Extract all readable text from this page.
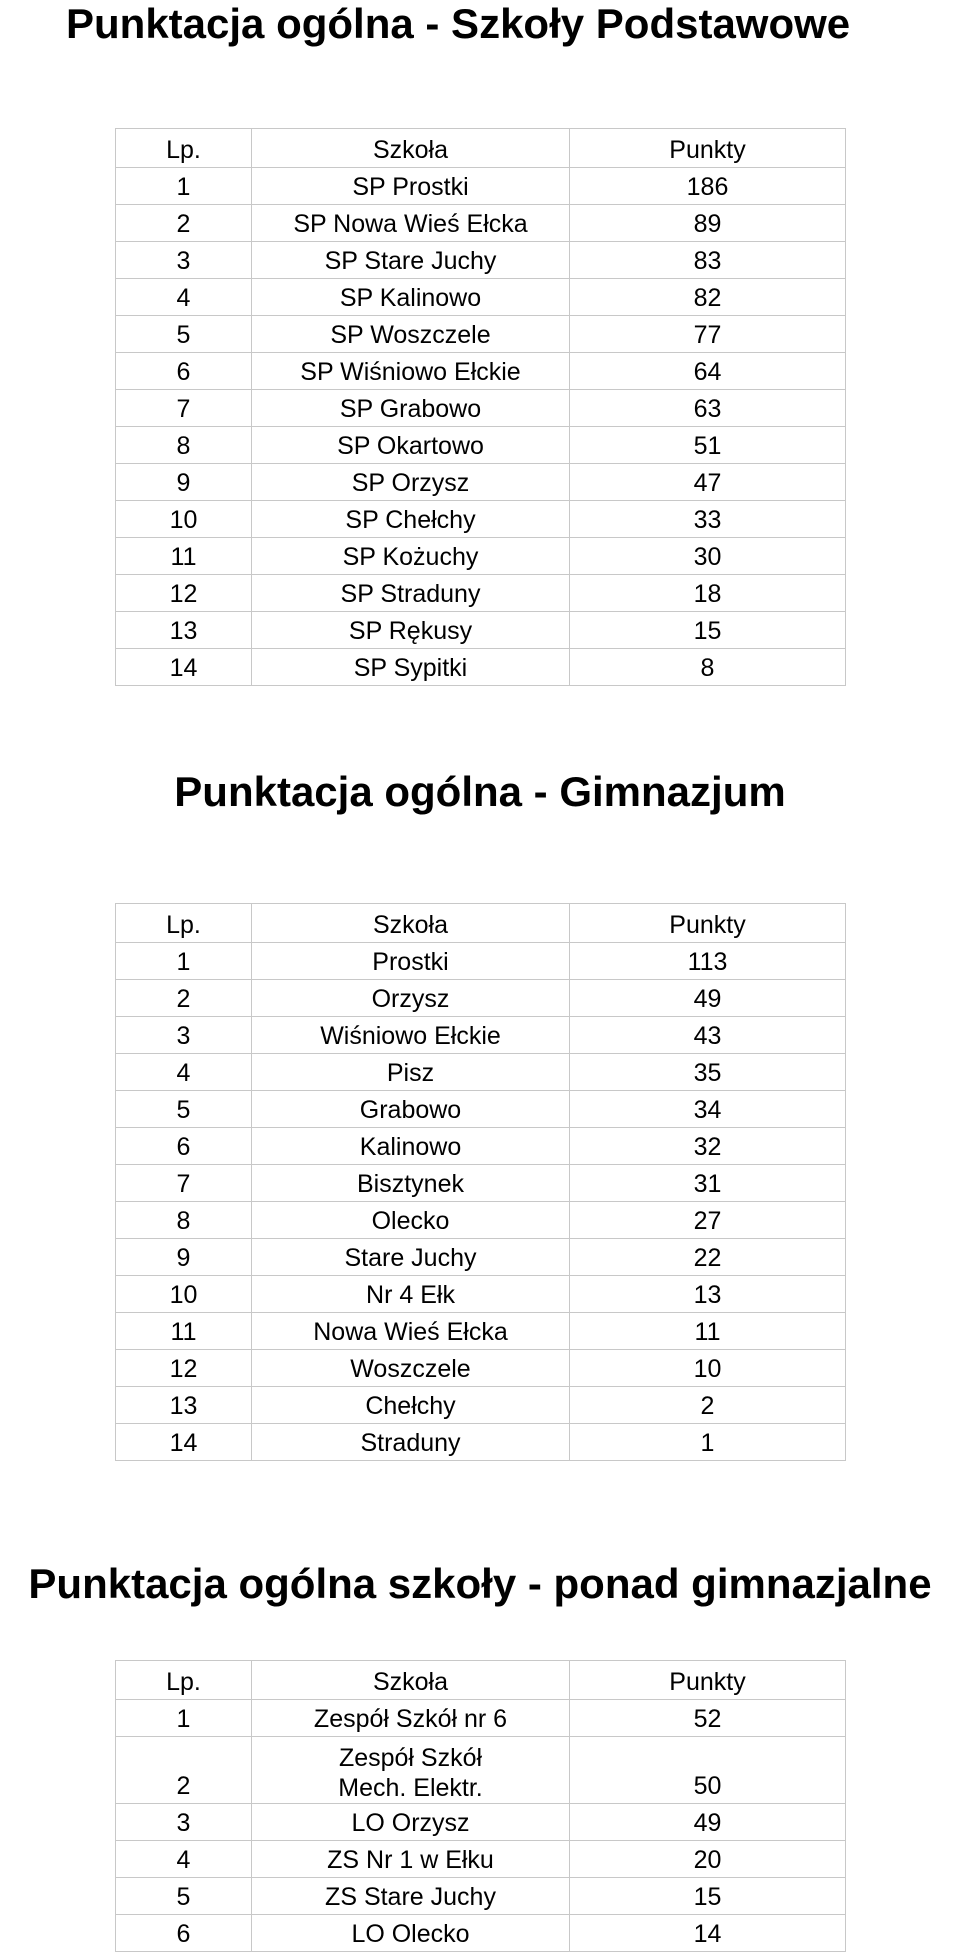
Punktacja ogólna - Szkoły Podstawowe
Lp.	Szkoła	Punkty
1	SP Prostki	186
2	SP Nowa Wieś Ełcka	89
3	SP Stare Juchy	83
4	SP Kalinowo	82
5	SP Woszczele	77
6	SP Wiśniowo Ełckie	64
7	SP Grabowo	63
8	SP Okartowo	51
9	SP Orzysz	47
10	SP Chełchy	33
11	SP Kożuchy	30
12	SP Straduny	18
13	SP Rękusy	15
14	SP Sypitki	8
Punktacja ogólna - Gimnazjum
Lp.	Szkoła	Punkty
1	Prostki	113
2	Orzysz	49
3	Wiśniowo Ełckie	43
4	Pisz	35
5	Grabowo	34
6	Kalinowo	32
7	Bisztynek	31
8	Olecko	27
9	Stare Juchy	22
10	Nr 4 Ełk	13
11	Nowa Wieś Ełcka	11
12	Woszczele	10
13	Chełchy	2
14	Straduny	1
Punktacja ogólna szkoły - ponad gimnazjalne
Lp.	Szkoła	Punkty
1	Zespół Szkół nr 6	52
2	Zespół Szkół Mech. Elektr.	50
3	LO Orzysz	49
4	ZS Nr 1 w Ełku	20
5	ZS Stare Juchy	15
6	LO Olecko	14
